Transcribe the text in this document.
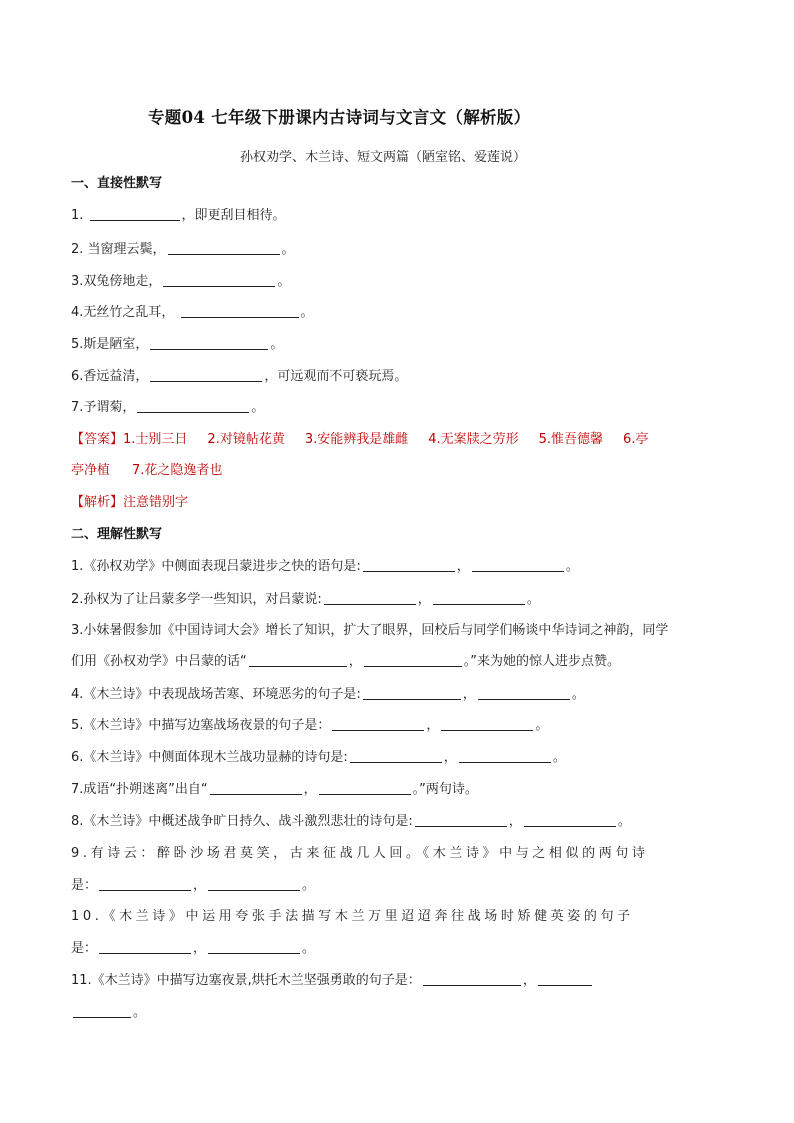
专题04 七年级下册课内古诗词与文言文（解析版）
孙权劝学、木兰诗、短文两篇（陋室铭、爱莲说）
一、直接性默写
1.	，即更刮目相待。
2. 当窗理云鬓，	。
3.双兔傍地走，	。
4.无丝竹之乱耳，	。
5.斯是陋室，	。
6.香远益清，	，可远观而不可亵玩焉。
7.予谓菊，	。
【答案】1.士别三日 2.对镜帖花黄 3.安能辨我是雄雌 4.无案牍之劳形 5.惟吾德馨 6.亭
亭净植 7.花之隐逸者也
【解析】注意错别字
二、理解性默写
1.《孙权劝学》中侧面表现吕蒙进步之快的语句是:	，	。
2.孙权为了让吕蒙多学一些知识，对吕蒙说:	，	。
3.小妹暑假参加《中国诗词大会》增长了知识，扩大了眼界，回校后与同学们畅谈中华诗词之神韵，同学
们用《孙权劝学》中吕蒙的话“	，	。”来为她的惊人进步点赞。
4.《木兰诗》中表现战场苦寒、环境恶劣的句子是:	，	。
5.《木兰诗》中描写边塞战场夜景的句子是：	，	。
6.《木兰诗》中侧面体现木兰战功显赫的诗句是:	，	。
7.成语“扑朔迷离”出自“	，	。”两句诗。
8.《木兰诗》中概述战争旷日持久、战斗激烈悲壮的诗句是:	，	。
9.有诗云：醉卧沙场君莫笑，古来征战几人回。《木兰诗》中与之相似的两句诗
是：	，	。
10.《木兰诗》中运用夸张手法描写木兰万里迢迢奔往战场时矫健英姿的句子
是：	，	。
11.《木兰诗》中描写边塞夜景,烘托木兰坚强勇敢的句子是：	，
。
